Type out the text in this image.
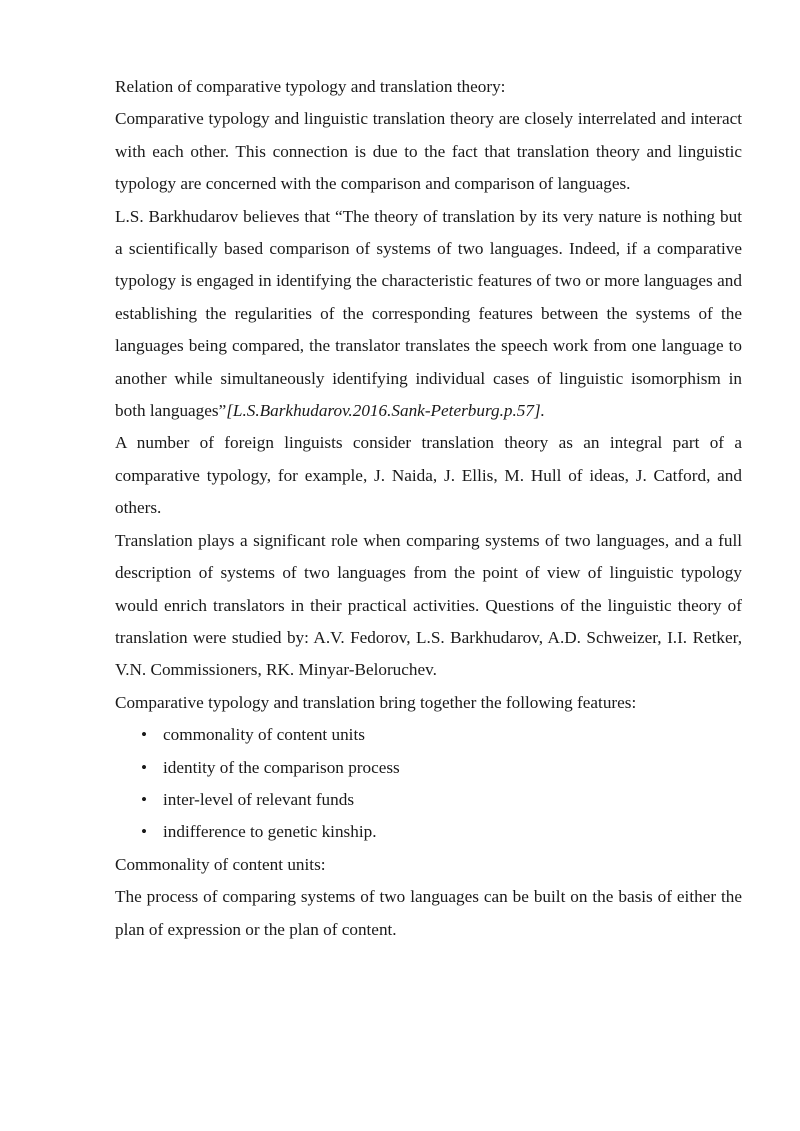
Relation of comparative typology and translation theory:

Comparative typology and linguistic translation theory are closely interrelated and interact with each other. This connection is due to the fact that translation theory and linguistic typology are concerned with the comparison and comparison of languages.

L.S. Barkhudarov believes that “The theory of translation by its very nature is nothing but a scientifically based comparison of systems of two languages. Indeed, if a comparative typology is engaged in identifying the characteristic features of two or more languages and establishing the regularities of the corresponding features between the systems of the languages being compared, the translator translates the speech work from one language to another while simultaneously identifying individual cases of linguistic isomorphism in both languages”[L.S.Barkhudarov.2016.Sank-Peterburg.p.57].

A number of foreign linguists consider translation theory as an integral part of a comparative typology, for example, J. Naida, J. Ellis, M. Hull of ideas, J. Catford, and others.

Translation plays a significant role when comparing systems of two languages, and a full description of systems of two languages from the point of view of linguistic typology would enrich translators in their practical activities. Questions of the linguistic theory of translation were studied by: A.V. Fedorov, L.S. Barkhudarov, A.D. Schweizer, I.I. Retker, V.N. Commissioners, RK. Minyar-Beloruchev.

Comparative typology and translation bring together the following features:

• commonality of content units
• identity of the comparison process
• inter-level of relevant funds
• indifference to genetic kinship.

Commonality of content units:

The process of comparing systems of two languages can be built on the basis of either the plan of expression or the plan of content.
